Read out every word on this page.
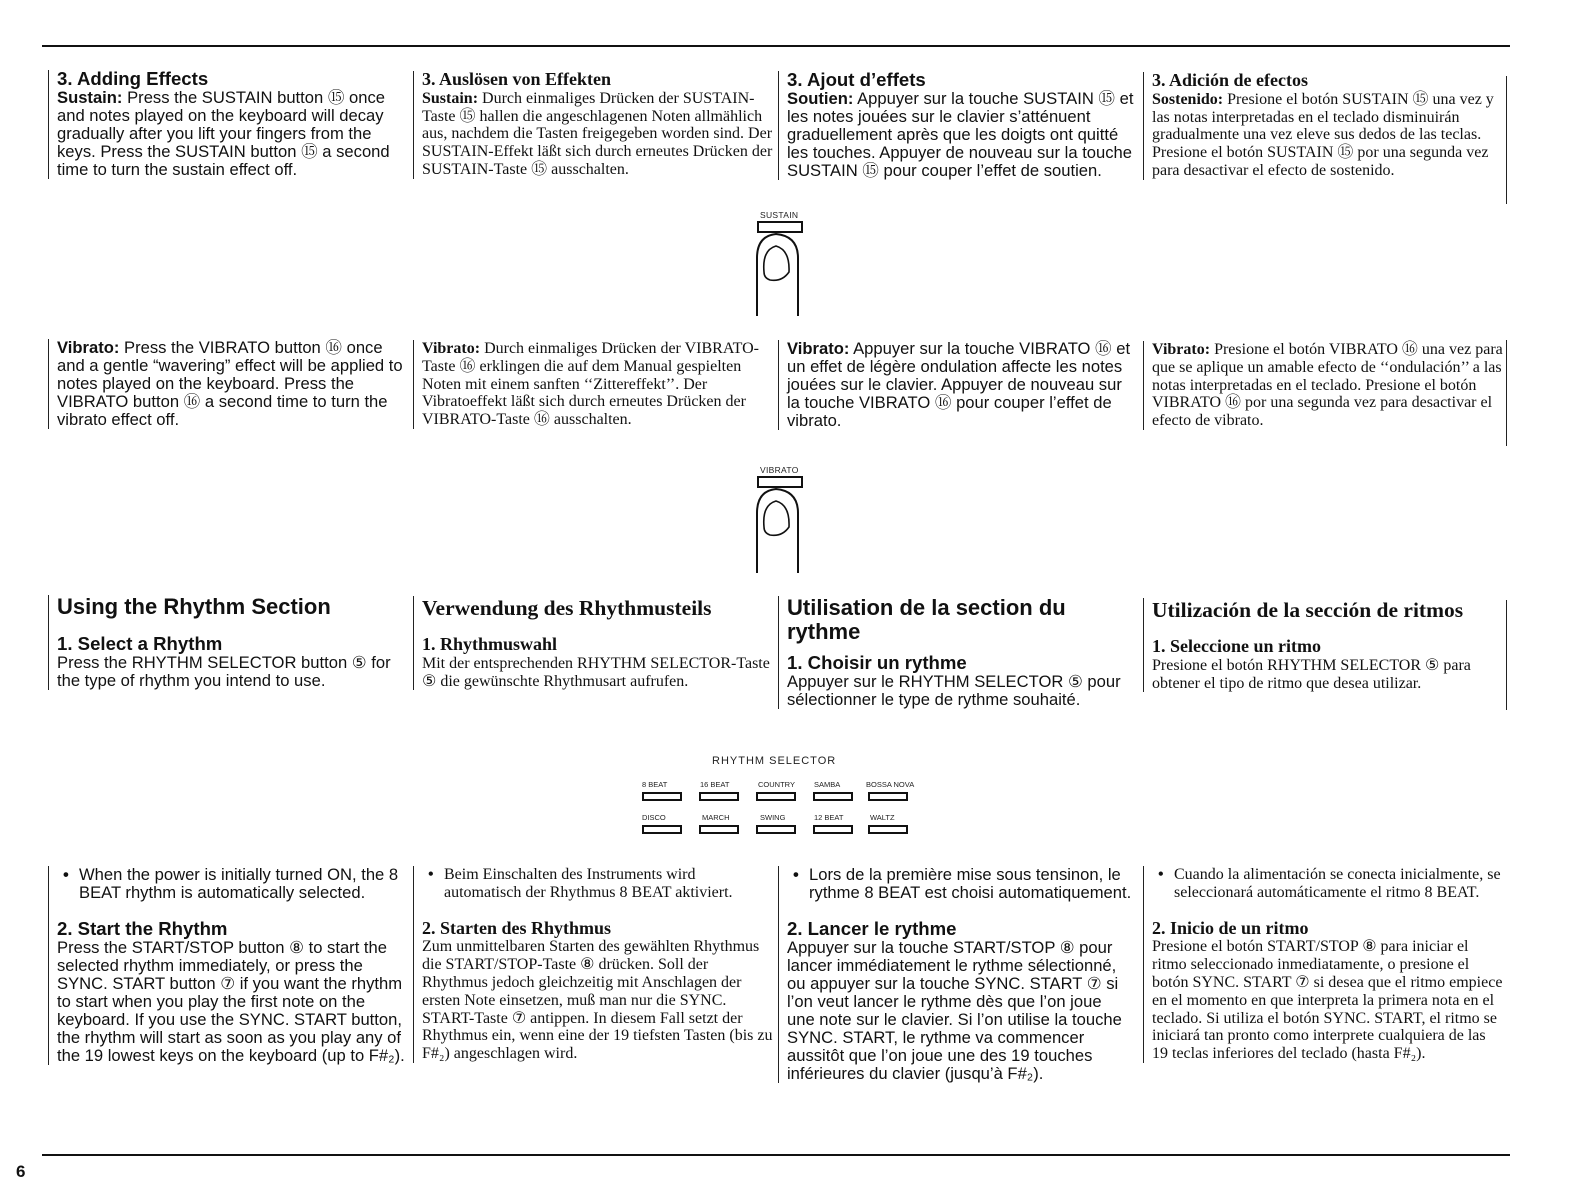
3. Adding Effects

Sustain: Press the SUSTAIN button ⑮ once and notes played on the keyboard will decay gradually after you lift your fingers from the keys. Press the SUSTAIN button ⑮ a second time to turn the sustain effect off.

3. Auslösen von Effekten

Sustain: Durch einmaliges Drücken der SUSTAIN-Taste ⑮ hallen die angeschlagenen Noten allmählich aus, nachdem die Tasten freigegeben worden sind. Der SUSTAIN-Effekt läßt sich durch erneutes Drücken der SUSTAIN-Taste ⑮ ausschalten.

3. Ajout d’effets

Soutien: Appuyer sur la touche SUSTAIN ⑮ et les notes jouées sur le clavier s’atténuent graduellement après que les doigts ont quitté les touches. Appuyer de nouveau sur la touche SUSTAIN ⑮ pour couper l’effet de soutien.

3. Adición de efectos

Sostenido: Presione el botón SUSTAIN ⑮ una vez y las notas interpretadas en el teclado disminuirán gradualmente una vez eleve sus dedos de las teclas. Presione el botón SUSTAIN ⑮ por una segunda vez para desactivar el efecto de sostenido.

SUSTAIN

Vibrato: Press the VIBRATO button ⑯ once and a gentle “wavering” effect will be applied to notes played on the keyboard. Press the VIBRATO button ⑯ a second time to turn the vibrato effect off.

Vibrato: Durch einmaliges Drücken der VIBRATO-Taste ⑯ erklingen die auf dem Manual gespielten Noten mit einem sanften ‘‘Zittereffekt’’. Der Vibratoeffekt läßt sich durch erneutes Drücken der VIBRATO-Taste ⑯ ausschalten.

Vibrato: Appuyer sur la touche VIBRATO ⑯ et un effet de légère ondulation affecte les notes jouées sur le clavier. Appuyer de nouveau sur la touche VIBRATO ⑯ pour couper l’effet de vibrato.

Vibrato: Presione el botón VIBRATO ⑯ una vez para que se aplique un amable efecto de ‘‘ondulación’’ a las notas interpretadas en el teclado. Presione el botón VIBRATO ⑯ por una segunda vez para desactivar el efecto de vibrato.

VIBRATO
Using the Rhythm Section
1. Select a Rhythm

Press the RHYTHM SELECTOR button ⑤ for the type of rhythm you intend to use.

Verwendung des Rhythmusteils
1. Rhythmuswahl

Mit der entsprechenden RHYTHM SELECTOR-Taste ⑤ die gewünschte Rhythmusart aufrufen.

Utilisation de la section du rythme
1. Choisir un rythme

Appuyer sur le RHYTHM SELECTOR ⑤ pour sélectionner le type de rythme souhaité.

Utilización de la sección de ritmos
1. Seleccione un ritmo

Presione el botón RHYTHM SELECTOR ⑤ para obtener el tipo de ritmo que desea utilizar.

RHYTHM SELECTOR
8 BEAT	16 BEAT	COUNTRY	SAMBA	BOSSA NOVA
DISCO	MARCH	SWING	12 BEAT	WALTZ

• When the power is initially turned ON, the 8 BEAT rhythm is automatically selected.

2. Start the Rhythm

Press the START/STOP button ⑧ to start the selected rhythm immediately, or press the SYNC. START button ⑦ if you want the rhythm to start when you play the first note on the keyboard. If you use the SYNC. START button, the rhythm will start as soon as you play any of the 19 lowest keys on the keyboard (up to F#₂).

• Beim Einschalten des Instruments wird automatisch der Rhythmus 8 BEAT aktiviert.

2. Starten des Rhythmus

Zum unmittelbaren Starten des gewählten Rhythmus die START/STOP-Taste ⑧ drücken. Soll der Rhythmus jedoch gleichzeitig mit Anschlagen der ersten Note einsetzen, muß man nur die SYNC. START-Taste ⑦ antippen. In diesem Fall setzt der Rhythmus ein, wenn eine der 19 tiefsten Tasten (bis zu F#₂) angeschlagen wird.

• Lors de la première mise sous tensinon, le rythme 8 BEAT est choisi automatiquement.

2. Lancer le rythme

Appuyer sur la touche START/STOP ⑧ pour lancer immédiatement le rythme sélectionné, ou appuyer sur la touche SYNC. START ⑦ si l’on veut lancer le rythme dès que l’on joue une note sur le clavier. Si l’on utilise la touche SYNC. START, le rythme va commencer aussitôt que l’on joue une des 19 touches inférieures du clavier (jusqu’à F#₂).

• Cuando la alimentación se conecta inicialmente, se seleccionará automáticamente el ritmo 8 BEAT.

2. Inicio de un ritmo

Presione el botón START/STOP ⑧ para iniciar el ritmo seleccionado inmediatamente, o presione el botón SYNC. START ⑦ si desea que el ritmo empiece en el momento en que interpreta la primera nota en el teclado. Si utiliza el botón SYNC. START, el ritmo se iniciará tan pronto como interprete cualquiera de las 19 teclas inferiores del teclado (hasta F#₂).

6
